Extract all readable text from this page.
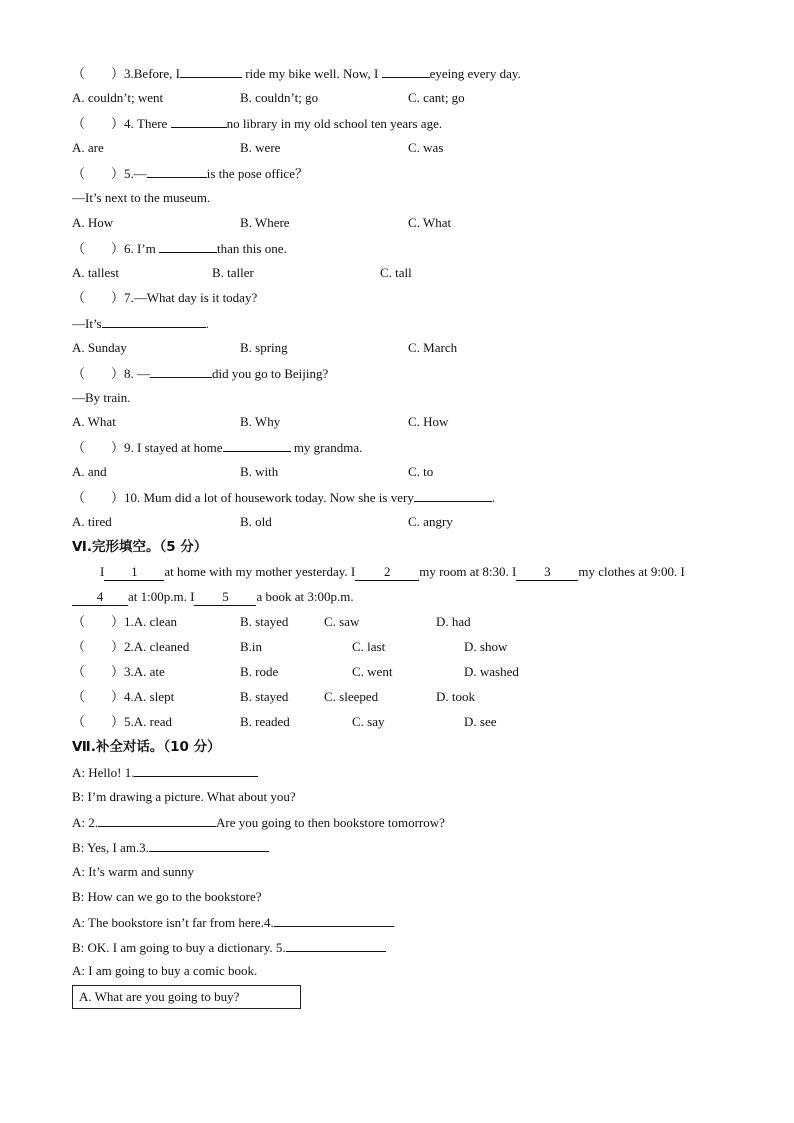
（　　）3.Before, I	ride my bike well. Now, I	eyeing every day.
A. couldn’t; went	B. couldn’t; go	C. cant; go
（　　）4. There	no library in my old school ten years age.
A. are	B. were	C. was
（　　）5.—	is the pose office？
—It’s next to the museum.
A. How	B. Where	C. What
（　　）6. I’m	than this one.
A. tallest	B. taller	C. tall
（　　）7.—What day is it today?
—It’s	.
A. Sunday	B. spring	C. March
（　　）8. —	did you go to Beijing?
—By train.
A. What	B. Why	C. How
（　　）9. I stayed at home	my grandma.
A. and	B. with	C. to
（　　）10. Mum did a lot of housework today. Now she is very	.
A. tired	B. old	C. angry
Ⅵ.完形填空。（5 分）
I 1 at home with my mother yesterday. I 2 my room at 8:30. I 3 my clothes at 9:00. I
4 at 1:00p.m. I 5 a book at 3:00p.m.
（　　）1.A. clean	B. stayed	C. saw	D. had
（　　）2.A. cleaned	B.in	C. last	D. show
（　　）3.A. ate	B. rode	C. went	D. washed
（　　）4.A. slept	B. stayed	C. sleeped	D. took
（　　）5.A. read	B. readed	C. say	D. see
Ⅶ.补全对话。（10 分）
A: Hello! 1.
B: I’m drawing a picture. What about you?
A: 2.	Are you going to then bookstore tomorrow?
B: Yes, I am.3.
A: It’s warm and sunny
B: How can we go to the bookstore?
A: The bookstore isn’t far from here.4.
B: OK. I am going to buy a dictionary. 5.
A: I am going to buy a comic book.
A. What are you going to buy?
